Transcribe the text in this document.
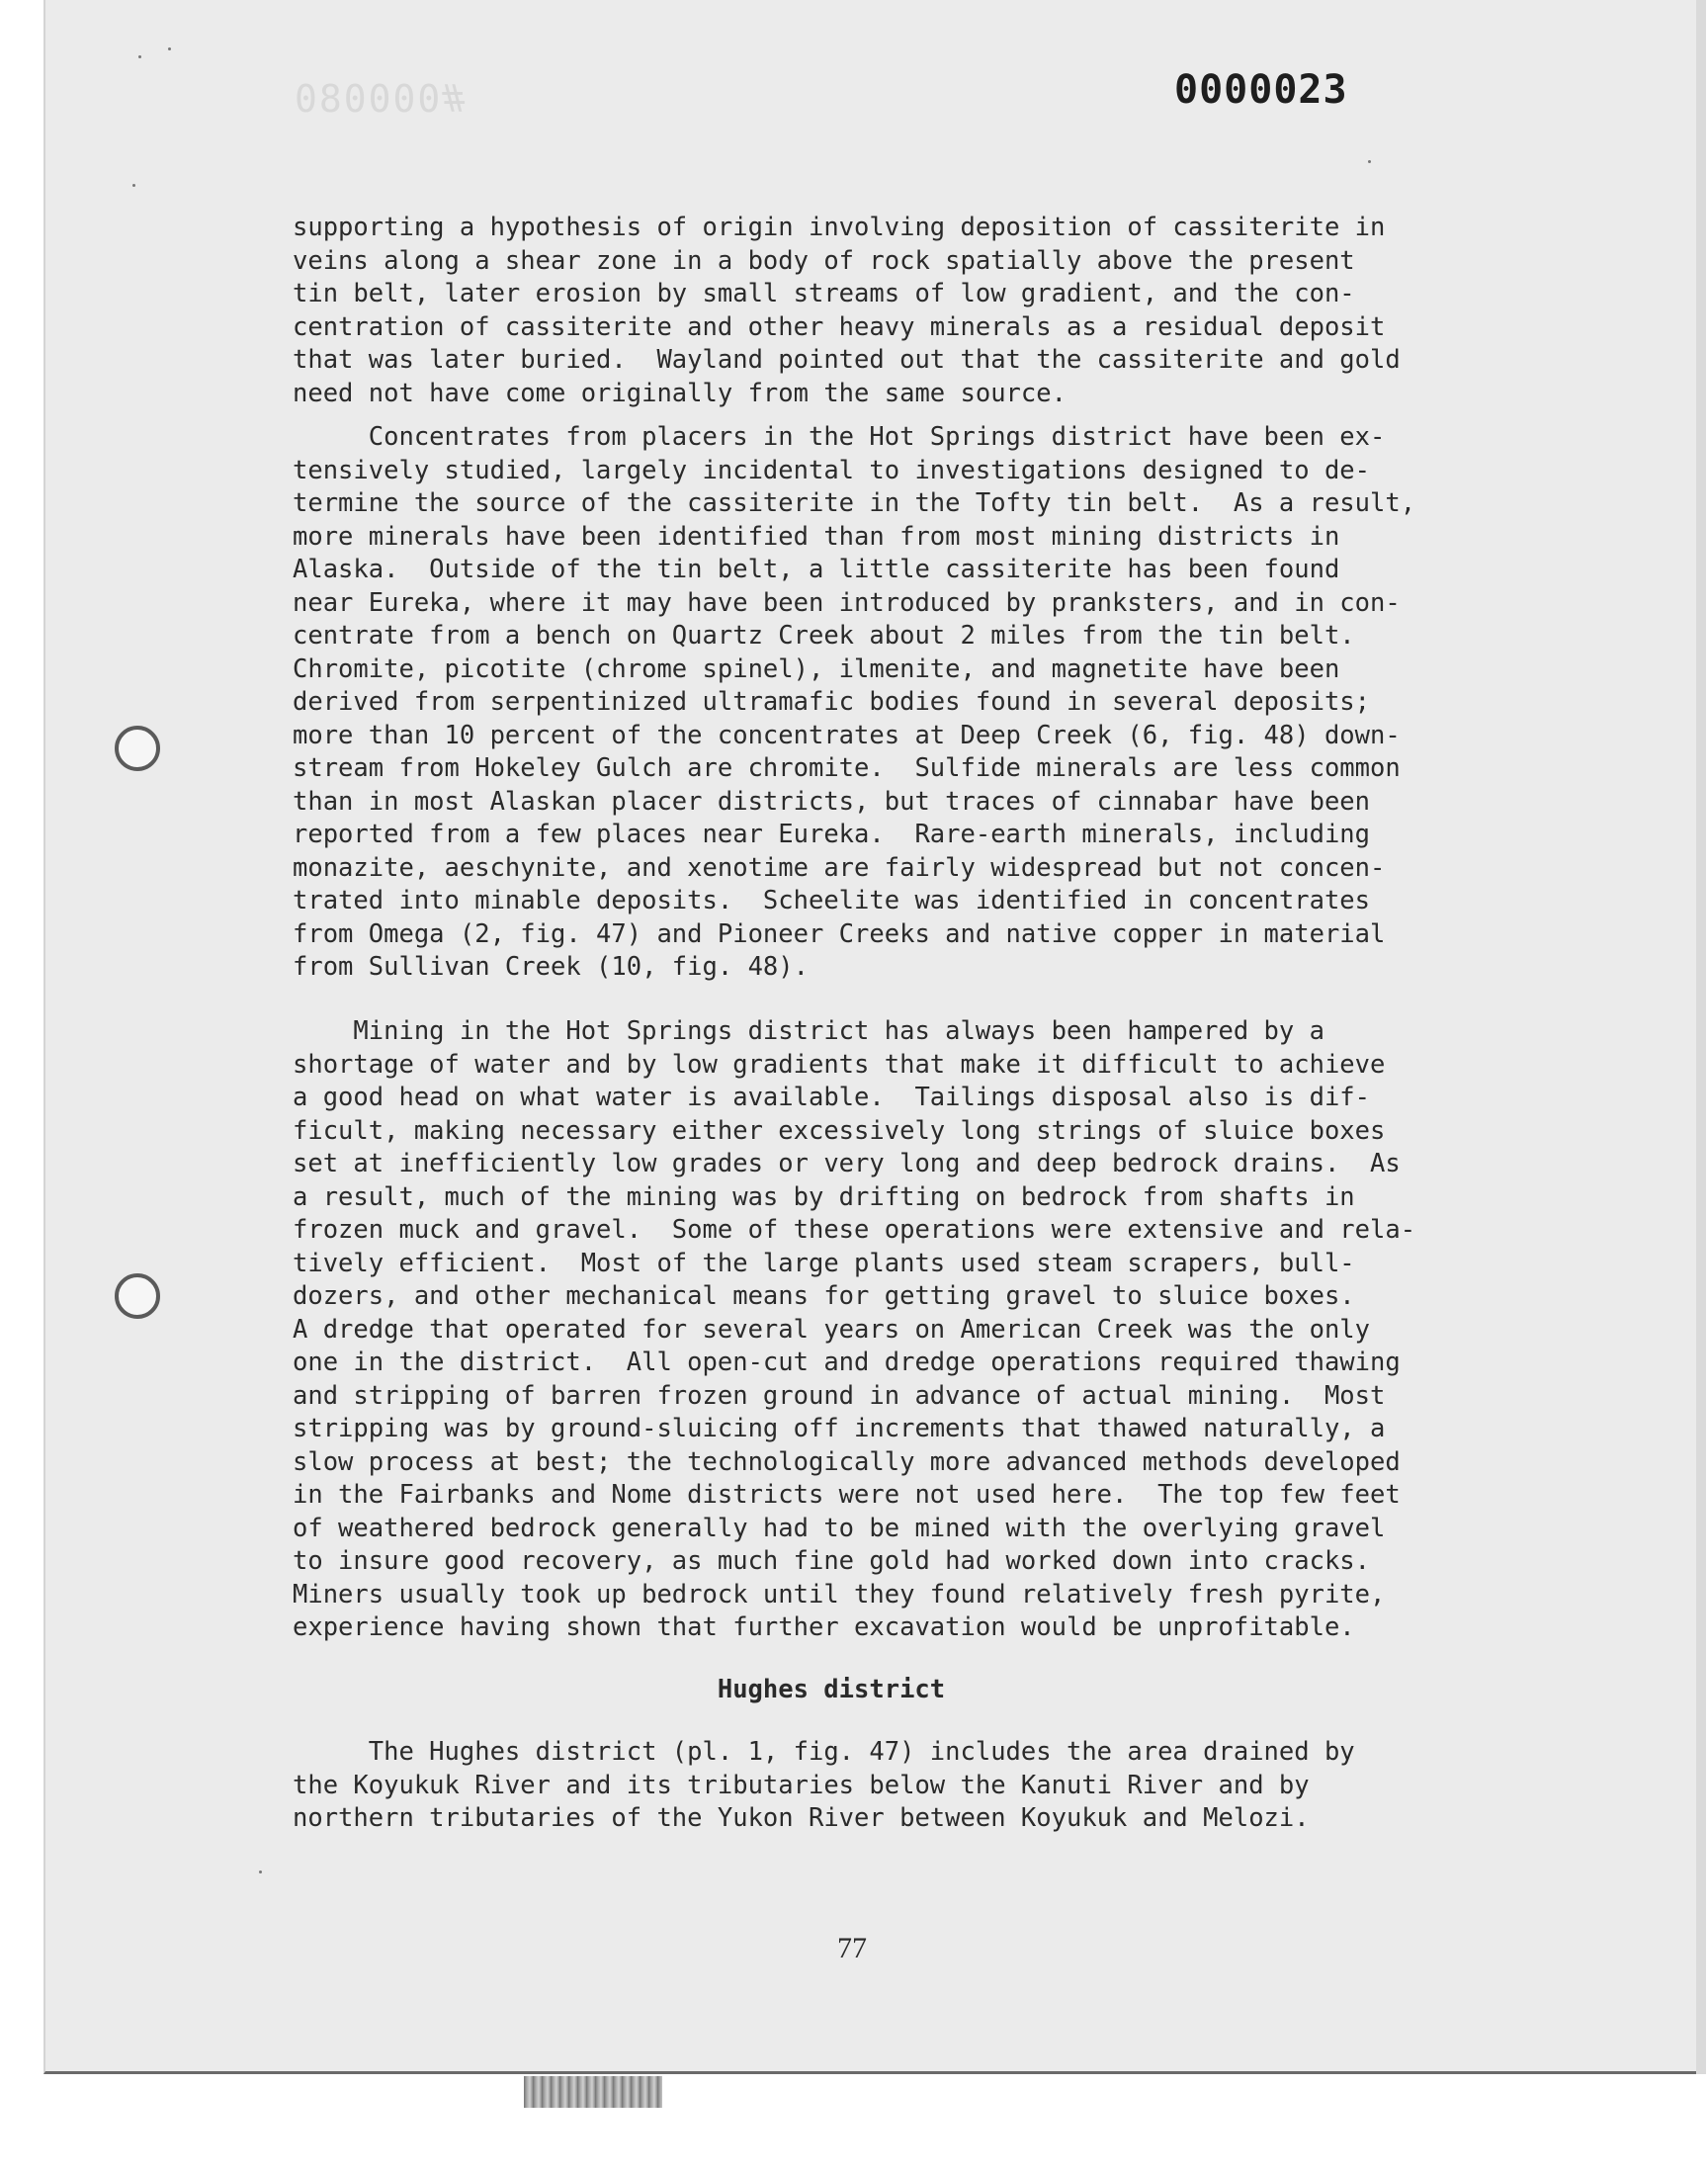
#000080	0000023
supporting a hypothesis of origin involving deposition of cassiterite in
veins along a shear zone in a body of rock spatially above the present
tin belt, later erosion by small streams of low gradient, and the con-
centration of cassiterite and other heavy minerals as a residual deposit
that was later buried.  Wayland pointed out that the cassiterite and gold
need not have come originally from the same source.
Concentrates from placers in the Hot Springs district have been ex-
tensively studied, largely incidental to investigations designed to de-
termine the source of the cassiterite in the Tofty tin belt.  As a result,
more minerals have been identified than from most mining districts in
Alaska.  Outside of the tin belt, a little cassiterite has been found
near Eureka, where it may have been introduced by pranksters, and in con-
centrate from a bench on Quartz Creek about 2 miles from the tin belt.
Chromite, picotite (chrome spinel), ilmenite, and magnetite have been
derived from serpentinized ultramafic bodies found in several deposits;
more than 10 percent of the concentrates at Deep Creek (6, fig. 48) down-
stream from Hokeley Gulch are chromite.  Sulfide minerals are less common
than in most Alaskan placer districts, but traces of cinnabar have been
reported from a few places near Eureka.  Rare-earth minerals, including
monazite, aeschynite, and xenotime are fairly widespread but not concen-
trated into minable deposits.  Scheelite was identified in concentrates
from Omega (2, fig. 47) and Pioneer Creeks and native copper in material
from Sullivan Creek (10, fig. 48).
Mining in the Hot Springs district has always been hampered by a
shortage of water and by low gradients that make it difficult to achieve
a good head on what water is available.  Tailings disposal also is dif-
ficult, making necessary either excessively long strings of sluice boxes
set at inefficiently low grades or very long and deep bedrock drains.  As
a result, much of the mining was by drifting on bedrock from shafts in
frozen muck and gravel.  Some of these operations were extensive and rela-
tively efficient.  Most of the large plants used steam scrapers, bull-
dozers, and other mechanical means for getting gravel to sluice boxes.
A dredge that operated for several years on American Creek was the only
one in the district.  All open-cut and dredge operations required thawing
and stripping of barren frozen ground in advance of actual mining.  Most
stripping was by ground-sluicing off increments that thawed naturally, a
slow process at best; the technologically more advanced methods developed
in the Fairbanks and Nome districts were not used here.  The top few feet
of weathered bedrock generally had to be mined with the overlying gravel
to insure good recovery, as much fine gold had worked down into cracks.
Miners usually took up bedrock until they found relatively fresh pyrite,
experience having shown that further excavation would be unprofitable.
Hughes district
The Hughes district (pl. 1, fig. 47) includes the area drained by
the Koyukuk River and its tributaries below the Kanuti River and by
northern tributaries of the Yukon River between Koyukuk and Melozi.
77
